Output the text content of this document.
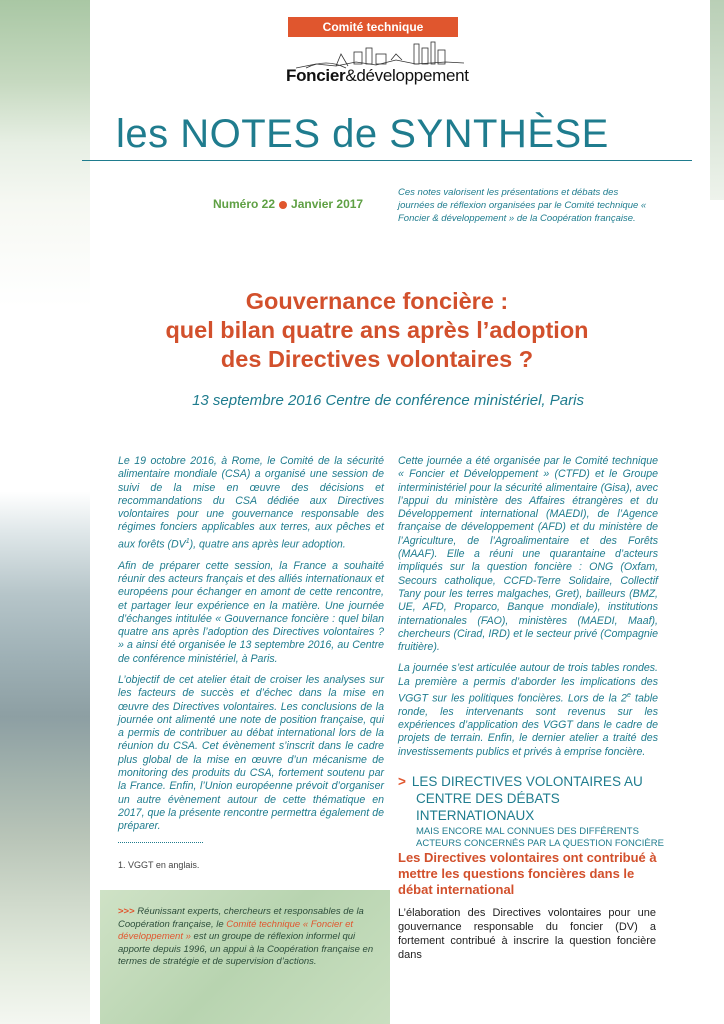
Comité technique
Foncier&développement
les NOTES de SYNTHÈSE
Numéro 22 Janvier 2017
Ces notes valorisent les présentations et débats des journées de réflexion organisées par le Comité technique « Foncier & développement » de la Coopération française.
Gouvernance foncière :
quel bilan quatre ans après l’adoption
des Directives volontaires ?
13 septembre 2016 Centre de conférence ministériel, Paris

Le 19 octobre 2016, à Rome, le Comité de la sécurité alimentaire mondiale (CSA) a organisé une session de suivi de la mise en œuvre des décisions et recommandations du CSA dédiée aux Directives volontaires pour une gouvernance responsable des régimes fonciers applicables aux terres, aux pêches et aux forêts $(DV^1)$, quatre ans après leur adoption.

Afin de préparer cette session, la France a souhaité réunir des acteurs français et des alliés internationaux et européens pour échanger en amont de cette rencontre, et partager leur expérience en la matière. Une journée d’échanges intitulée « Gouvernance foncière : quel bilan quatre ans après l’adoption des Directives volontaires ? » a ainsi été organisée le 13 septembre 2016, au Centre de conférence ministériel, à Paris.

L’objectif de cet atelier était de croiser les analyses sur les facteurs de succès et d’échec dans la mise en œuvre des Directives volontaires. Les conclusions de la journée ont alimenté une note de position française, qui a permis de contribuer au débat international lors de la réunion du CSA. Cet évènement s’inscrit dans le cadre plus global de la mise en œuvre d’un mécanisme de monitoring des produits du CSA, fortement soutenu par la France. Enfin, l’Union européenne prévoit d’organiser un autre évènement autour de cette thématique en 2017, que la présente rencontre permettra également de préparer.

1. VGGT en anglais.

Cette journée a été organisée par le Comité technique « Foncier et Développement » (CTFD) et le Groupe interministériel pour la sécurité alimentaire (Gisa), avec l’appui du ministère des Affaires étrangères et du Développement international (MAEDI), de l’Agence française de développement (AFD) et du ministère de l’Agriculture, de l’Agroalimentaire et des Forêts (MAAF). Elle a réuni une quarantaine d’acteurs impliqués sur la question foncière : ONG (Oxfam, Secours catholique, CCFD-Terre Solidaire, Collectif Tany pour les terres malgaches, Gret), bailleurs (BMZ, UE, AFD, Proparco, Banque mondiale), institutions internationales (FAO), ministères (MAEDI, Maaf), chercheurs (Cirad, IRD) et le secteur privé (Compagnie fruitière).

La journée s’est articulée autour de trois tables rondes. La première a permis d’aborder les implications des VGGT sur les politiques foncières. Lors de la 2e table ronde, les intervenants sont revenus sur les expériences d’application des VGGT dans le cadre de projets de terrain. Enfin, le dernier atelier a traité des investissements publics et privés à emprise foncière.

> LES DIRECTIVES VOLONTAIRES AU
CENTRE DES DÉBATS INTERNATIONAUX
MAIS ENCORE MAL CONNUES DES DIFFÉRENTS
ACTEURS CONCERNÉS PAR LA QUESTION FONCIÈRE
Les Directives volontaires ont contribué à mettre les questions foncières dans le débat international
L’élaboration des Directives volontaires pour une gouvernance responsable du foncier (DV) a fortement contribué à inscrire la question foncière dans
>>> Réunissant experts, chercheurs et responsables de la Coopération française, le Comité technique « Foncier et développement » est un groupe de réflexion informel qui apporte depuis 1996, un appui à la Coopération française en termes de stratégie et de supervision d’actions.
